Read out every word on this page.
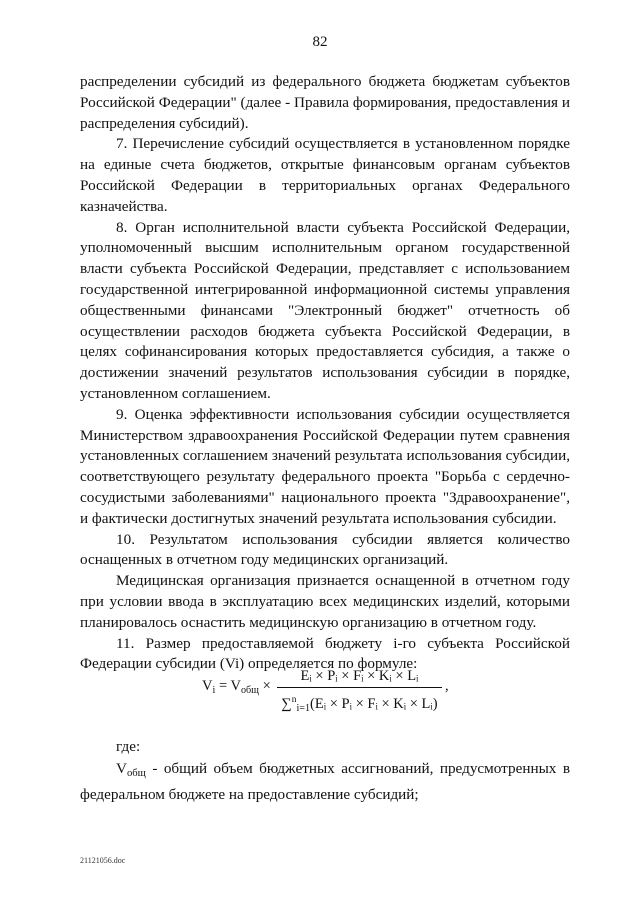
82

распределении субсидий из федерального бюджета бюджетам субъектов Российской Федерации" (далее - Правила формирования, предоставления и распределения субсидий).

7. Перечисление субсидий осуществляется в установленном порядке на единые счета бюджетов, открытые финансовым органам субъектов Российской Федерации в территориальных органах Федерального казначейства.

8. Орган исполнительной власти субъекта Российской Федерации, уполномоченный высшим исполнительным органом государственной власти субъекта Российской Федерации, представляет с использованием государственной интегрированной информационной системы управления общественными финансами "Электронный бюджет" отчетность об осуществлении расходов бюджета субъекта Российской Федерации, в целях софинансирования которых предоставляется субсидия, а также о достижении значений результатов использования субсидии в порядке, установленном соглашением.

9. Оценка эффективности использования субсидии осуществляется Министерством здравоохранения Российской Федерации путем сравнения установленных соглашением значений результата использования субсидии, соответствующего результату федерального проекта "Борьба с сердечно-сосудистыми заболеваниями" национального проекта "Здравоохранение", и фактически достигнутых значений результата использования субсидии.

10. Результатом использования субсидии является количество оснащенных в отчетном году медицинских организаций.

Медицинская организация признается оснащенной в отчетном году при условии ввода в эксплуатацию всех медицинских изделий, которыми планировалось оснастить медицинскую организацию в отчетном году.

11. Размер предоставляемой бюджету i-го субъекта Российской Федерации субсидии (Vi) определяется по формуле:

$V_i = V_{общ}$ ×
Eᵢ × Pᵢ × Fᵢ × Kᵢ × Lᵢ
∑$^n_{i=1}$(Eᵢ × Pᵢ × Fᵢ × Kᵢ × Lᵢ)
,
где:

$V_{общ}$ - общий объем бюджетных ассигнований, предусмотренных в федеральном бюджете на предоставление субсидий;

21121056.doc
